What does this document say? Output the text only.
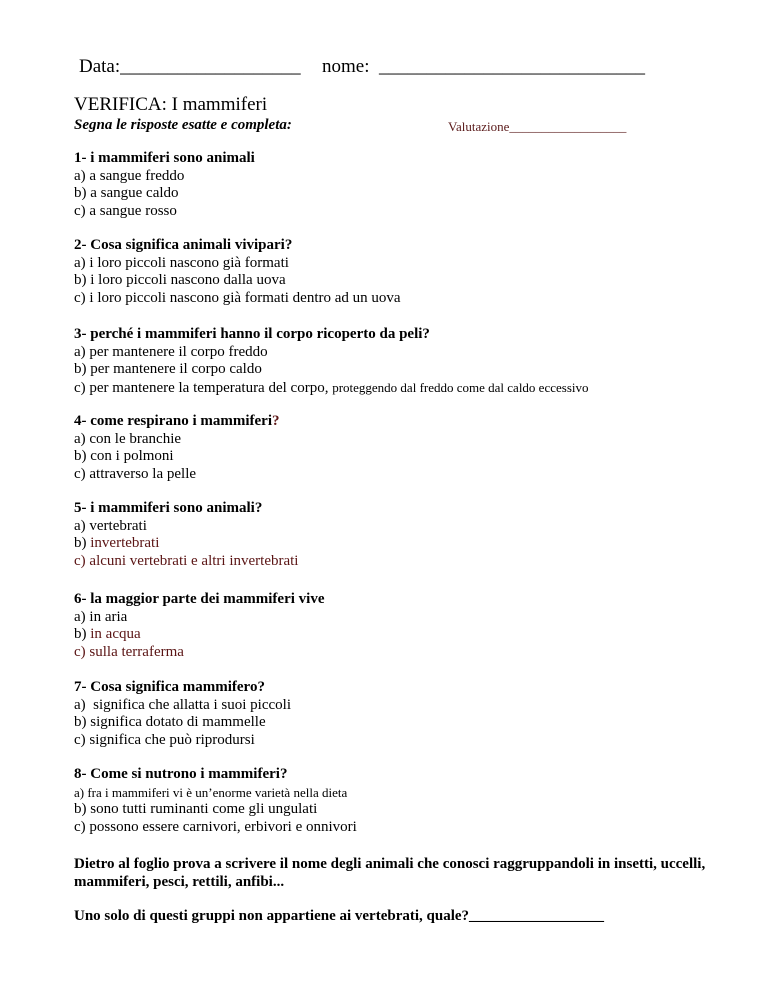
Data:___________________ nome:  ____________________________
VERIFICA: I mammiferi
Segna le risposte esatte e completa:	Valutazione__________________
1- i mammiferi sono animali
a) a sangue freddo
b) a sangue caldo
c) a sangue rosso
2- Cosa significa animali vivipari?
a) i loro piccoli nascono già formati
b) i loro piccoli nascono dalla uova
c) i loro piccoli nascono già formati dentro ad un uova
3- perché i mammiferi hanno il corpo ricoperto da peli?
a) per mantenere il corpo freddo
b) per mantenere il corpo caldo
c) per mantenere la temperatura del corpo, proteggendo dal freddo come dal caldo eccessivo
4- come respirano i mammiferi?
a) con le branchie
b) con i polmoni
c) attraverso la pelle
5- i mammiferi sono animali?
a) vertebrati
b) invertebrati
c) alcuni vertebrati e altri invertebrati
6- la maggior parte dei mammiferi vive
a) in aria
b) in acqua
c) sulla terraferma
7- Cosa significa mammifero?
a)  significa che allatta i suoi piccoli
b) significa dotato di mammelle
c) significa che può riprodursi
8- Come si nutrono i mammiferi?
a) fra i mammiferi vi è un’enorme varietà nella dieta
b) sono tutti ruminanti come gli ungulati
c) possono essere carnivori, erbivori e onnivori
Dietro al foglio prova a scrivere il nome degli animali che conosci raggruppandoli in insetti, uccelli, mammiferi, pesci, rettili, anfibi...
Uno solo di questi gruppi non appartiene ai vertebrati, quale?__________________
